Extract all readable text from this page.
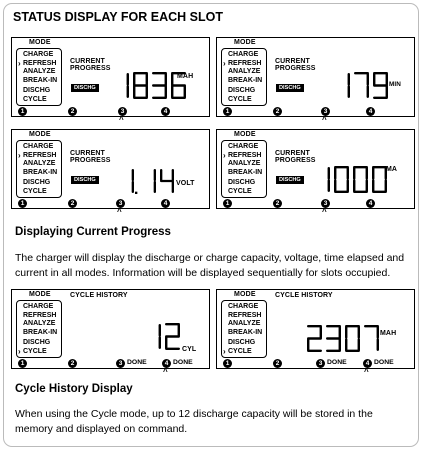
STATUS DISPLAY FOR EACH SLOT
MODE
CHARGE
› REFRESH
ANALYZE
BREAK-IN
DISCHG
CYCLE
CURRENT
PROGRESS
DISCHG
MAH
1	2	3	4
^
MODE
CHARGE
› REFRESH
ANALYZE
BREAK-IN
DISCHG
CYCLE
CURRENT
PROGRESS
DISCHG	MIN
1	2	3	4
^
MODE
CHARGE
› REFRESH
ANALYZE
BREAK-IN
DISCHG
CYCLE
CURRENT
PROGRESS
DISCHG	VOLT
1	2	3	4
^
MODE
CHARGE
› REFRESH
ANALYZE
BREAK-IN
DISCHG
CYCLE
CURRENT
PROGRESS
DISCHG
MA
1	2	3	4
^
Displaying Current Progress
The charger will display the discharge or charge capacity, voltage, time elapsed and current in all modes. Information will be displayed sequentially for slots occupied.
MODE
CHARGE
REFRESH
ANALYZE
BREAK-IN
DISCHG
› CYCLE
CYCLE HISTORY
CYL
1	2	3 DONE	4 DONE
^
MODE
CHARGE
REFRESH
ANALYZE
BREAK-IN
DISCHG
› CYCLE
CYCLE HISTORY
MAH
1	2	3 DONE	4 DONE
^
Cycle History Display
When using the Cycle mode, up to 12 discharge capacity will be stored in the memory and displayed on command.
